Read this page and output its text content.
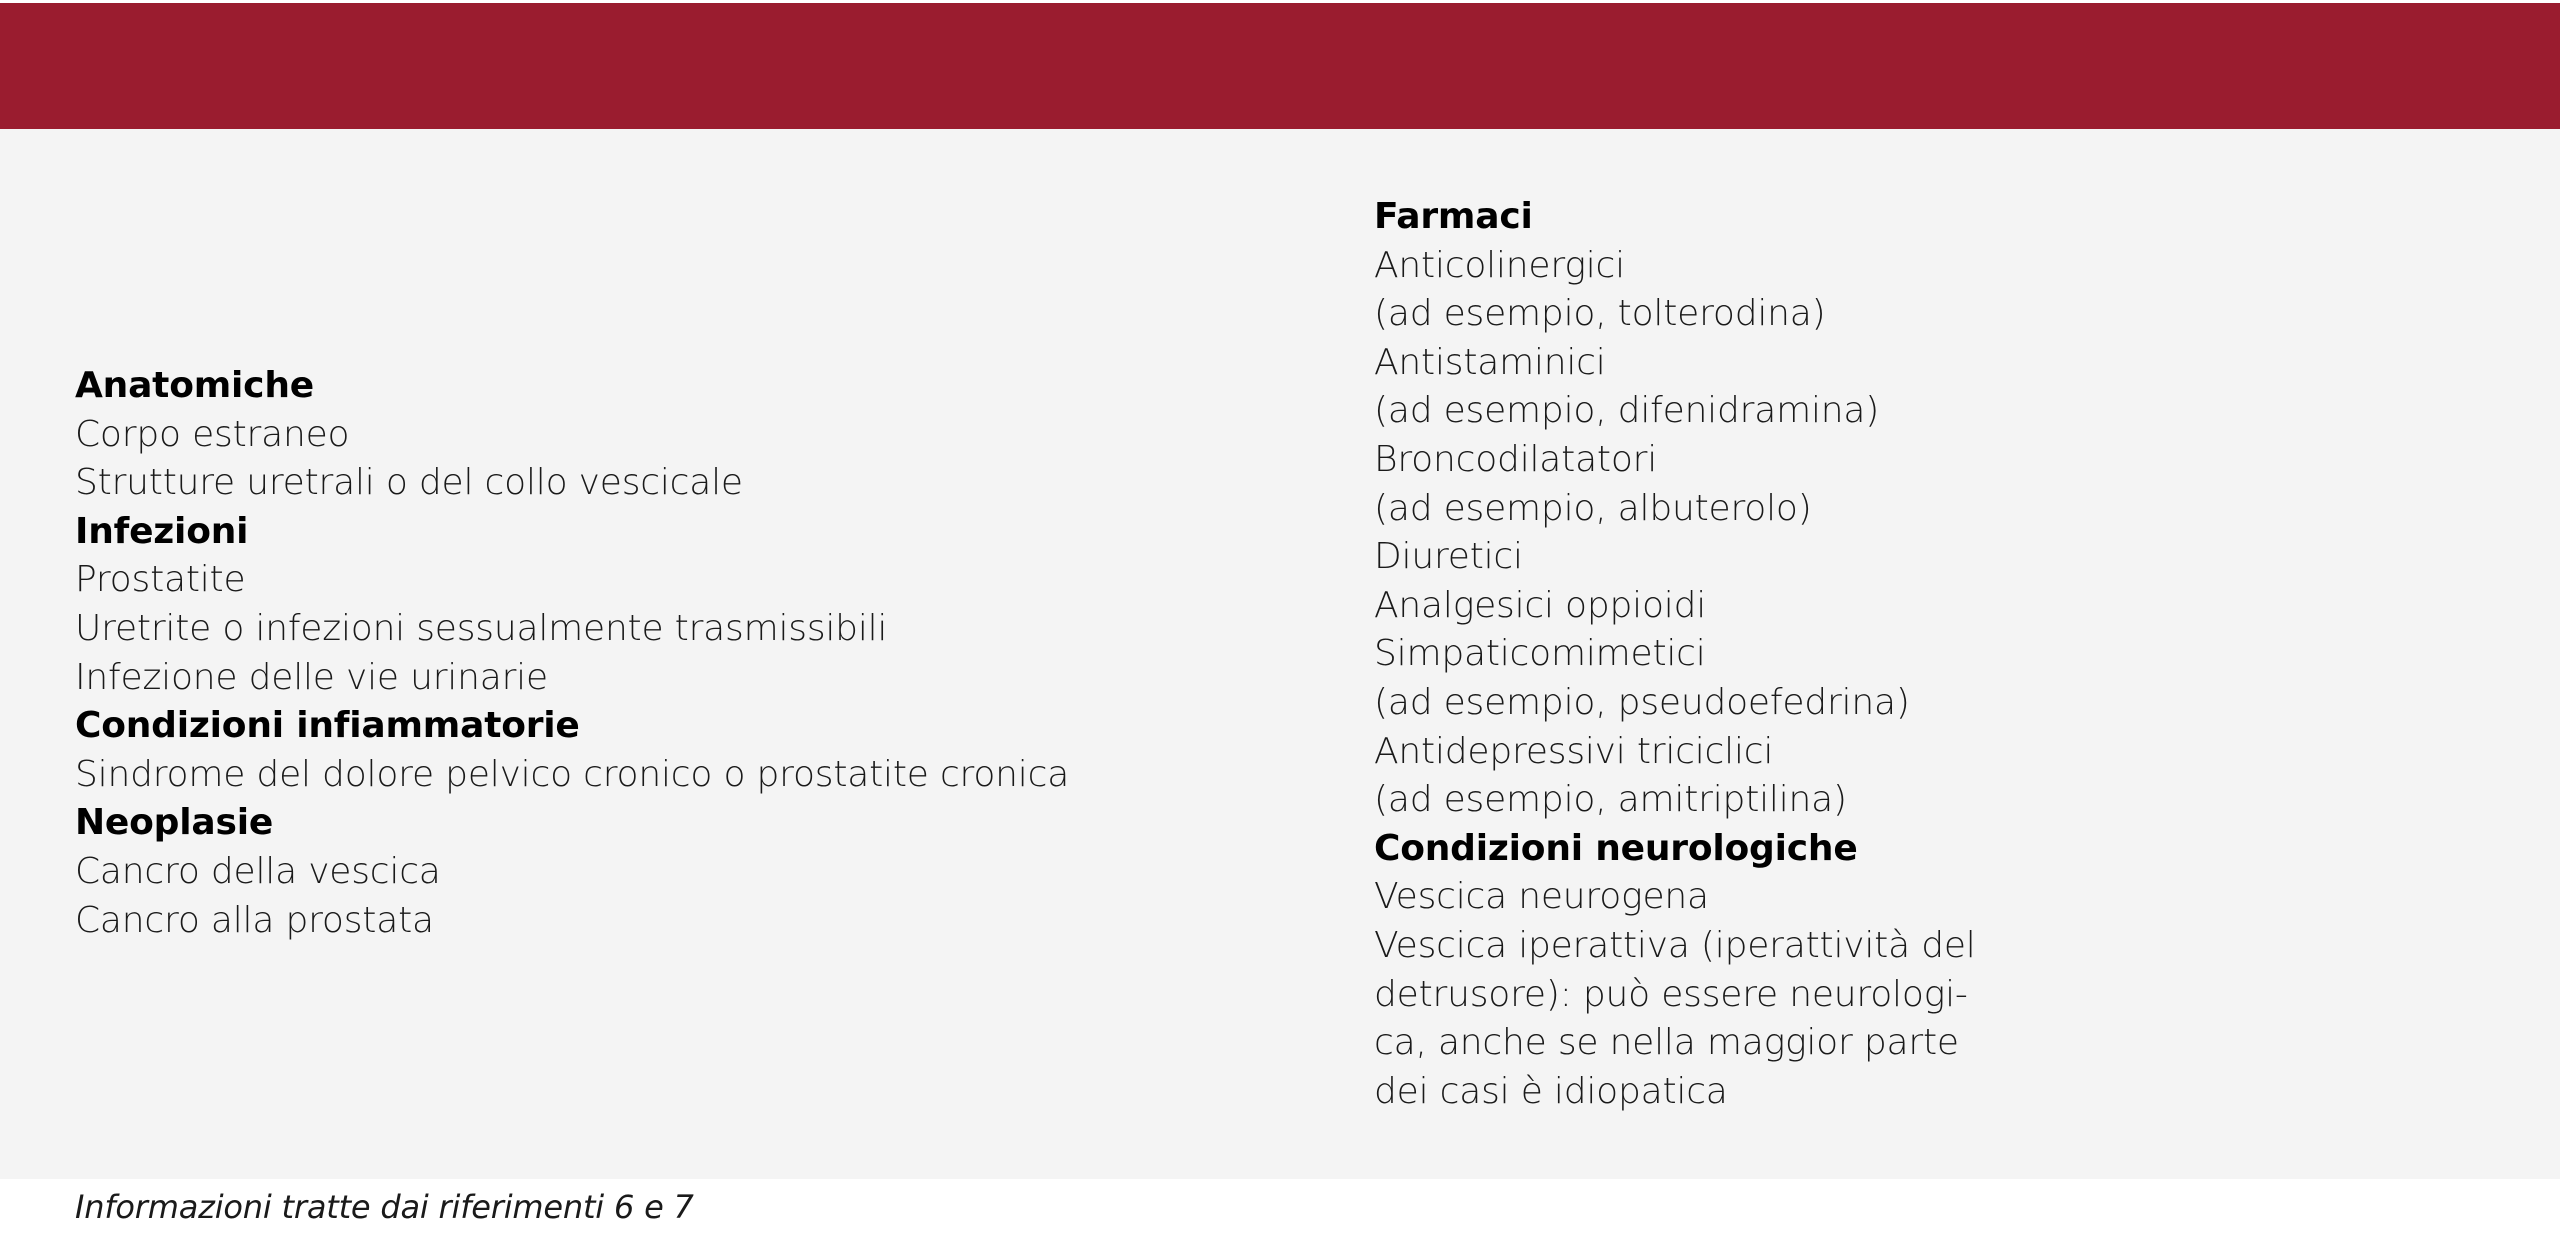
Anatomiche
Corpo estraneo
Strutture uretrali o del collo vescicale
Infezioni
Prostatite
Uretrite o infezioni sessualmente trasmissibili
Infezione delle vie urinarie
Condizioni infiammatorie
Sindrome del dolore pelvico cronico o prostatite cronica
Neoplasie
Cancro della vescica
Cancro alla prostata
Farmaci
Anticolinergici
(ad esempio, tolterodina)
Antistaminici
(ad esempio, difenidramina)
Broncodilatatori
(ad esempio, albuterolo)
Diuretici
Analgesici oppioidi
Simpaticomimetici
(ad esempio, pseudoefedrina)
Antidepressivi triciclici
(ad esempio, amitriptilina)
Condizioni neurologiche
Vescica neurogena
Vescica iperattiva (iperattività del
detrusore): può essere neurologi-
ca, anche se nella maggior parte
dei casi è idiopatica
Informazioni tratte dai riferimenti 6 e 7
